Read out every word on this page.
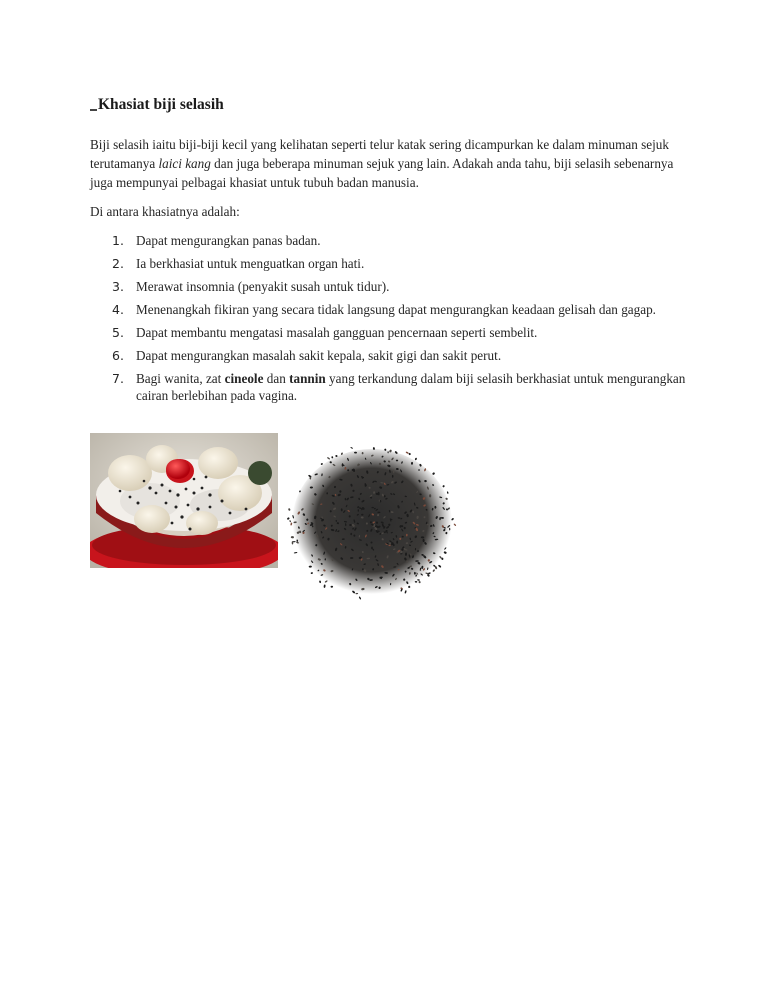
Khasiat biji selasih
Biji selasih iaitu biji-biji kecil yang kelihatan seperti telur katak sering dicampurkan ke dalam minuman sejuk terutamanya laici kang dan juga beberapa minuman sejuk yang lain. Adakah anda tahu, biji selasih sebenarnya juga mempunyai pelbagai khasiat untuk tubuh badan manusia.
Di antara khasiatnya adalah:
1. Dapat mengurangkan panas badan.
2. Ia berkhasiat untuk menguatkan organ hati.
3. Merawat insomnia (penyakit susah untuk tidur).
4. Menenangkah fikiran yang secara tidak langsung dapat mengurangkan keadaan gelisah dan gagap.
5. Dapat membantu mengatasi masalah gangguan pencernaan seperti sembelit.
6. Dapat mengurangkan masalah sakit kepala, sakit gigi dan sakit perut.
7. Bagi wanita, zat cineole dan tannin yang terkandung dalam biji selasih berkhasiat untuk mengurangkan cairan berlebihan pada vagina.
